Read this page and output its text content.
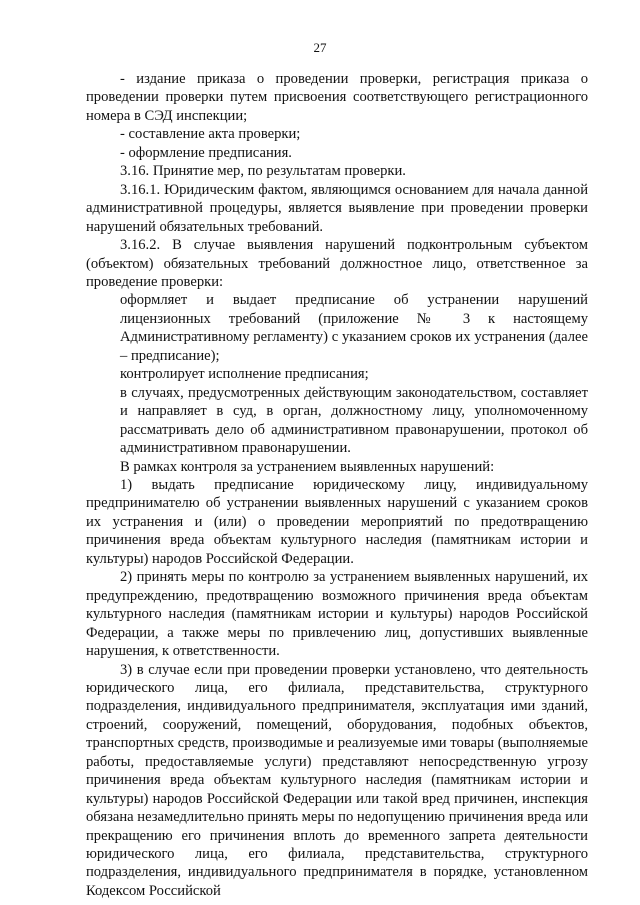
27

- издание приказа о проведении проверки, регистрация приказа о проведении проверки путем присвоения соответствующего регистрационного номера в СЭД инспекции;

- составление акта проверки;

- оформление предписания.

3.16. Принятие мер, по результатам проверки.

3.16.1. Юридическим фактом, являющимся основанием для начала данной административной процедуры, является выявление при проведении проверки нарушений обязательных требований.

3.16.2. В случае выявления нарушений подконтрольным субъектом (объектом) обязательных требований должностное лицо, ответственное за проведение проверки:

оформляет и выдает предписание об устранении нарушений лицензионных требований (приложение № 3 к настоящему Административному регламенту) с указанием сроков их устранения (далее – предписание);

контролирует исполнение предписания;

в случаях, предусмотренных действующим законодательством, составляет и направляет в суд, в орган, должностному лицу, уполномоченному рассматривать дело об административном правонарушении, протокол об административном правонарушении.

В рамках контроля за устранением выявленных нарушений:

1) выдать предписание юридическому лицу, индивидуальному предпринимателю об устранении выявленных нарушений с указанием сроков их устранения и (или) о проведении мероприятий по предотвращению причинения вреда объектам культурного наследия (памятникам истории и культуры) народов Российской Федерации.

2) принять меры по контролю за устранением выявленных нарушений, их предупреждению, предотвращению возможного причинения вреда объектам культурного наследия (памятникам истории и культуры) народов Российской Федерации, а также меры по привлечению лиц, допустивших выявленные нарушения, к ответственности.

3) в случае если при проведении проверки установлено, что деятельность юридического лица, его филиала, представительства, структурного подразделения, индивидуального предпринимателя, эксплуатация ими зданий, строений, сооружений, помещений, оборудования, подобных объектов, транспортных средств, производимые и реализуемые ими товары (выполняемые работы, предоставляемые услуги) представляют непосредственную угрозу причинения вреда объектам культурного наследия (памятникам истории и культуры) народов Российской Федерации или такой вред причинен, инспекция обязана незамедлительно принять меры по недопущению причинения вреда или прекращению его причинения вплоть до временного запрета деятельности юридического лица, его филиала, представительства, структурного подразделения, индивидуального предпринимателя в порядке, установленном Кодексом Российской
